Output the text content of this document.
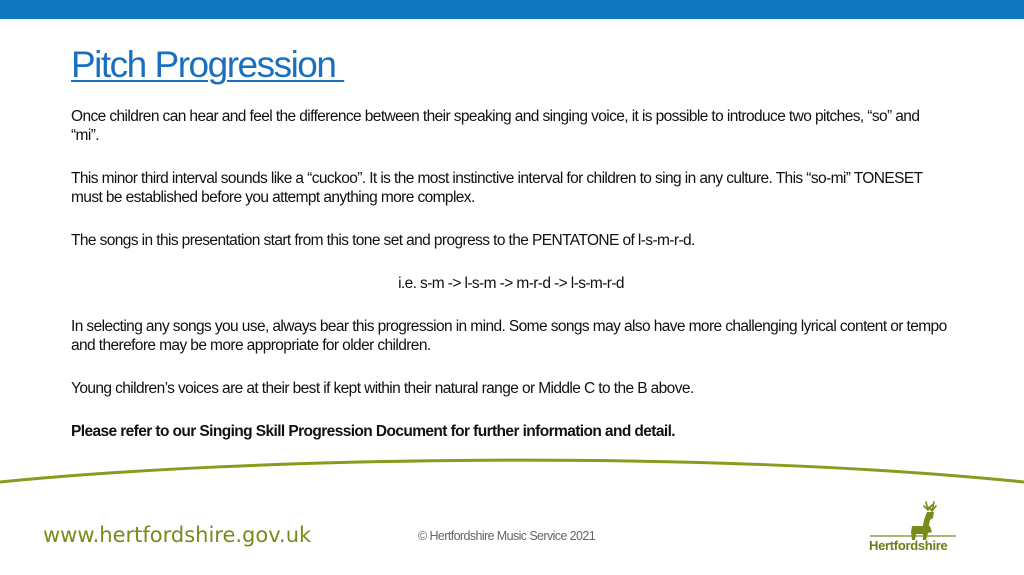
Pitch Progression

Once children can hear and feel the difference between their speaking and singing voice, it is possible to introduce two pitches, “so” and “mi”.

This minor third interval sounds like a “cuckoo”. It is the most instinctive interval for children to sing in any culture. This “so-mi” TONESET must be established before you attempt anything more complex.

The songs in this presentation start from this tone set and progress to the PENTATONE of l-s-m-r-d.

i.e. s-m -> l-s-m -> m-r-d -> l-s-m-r-d

In selecting any songs you use, always bear this progression in mind. Some songs may also have more challenging lyrical content or tempo and therefore may be more appropriate for older children.

Young children’s voices are at their best if kept within their natural range or Middle C to the B above.

Please refer to our Singing Skill Progression Document for further information and detail.

www.hertfordshire.gov.uk	© Hertfordshire Music Service 2021
Hertfordshire
